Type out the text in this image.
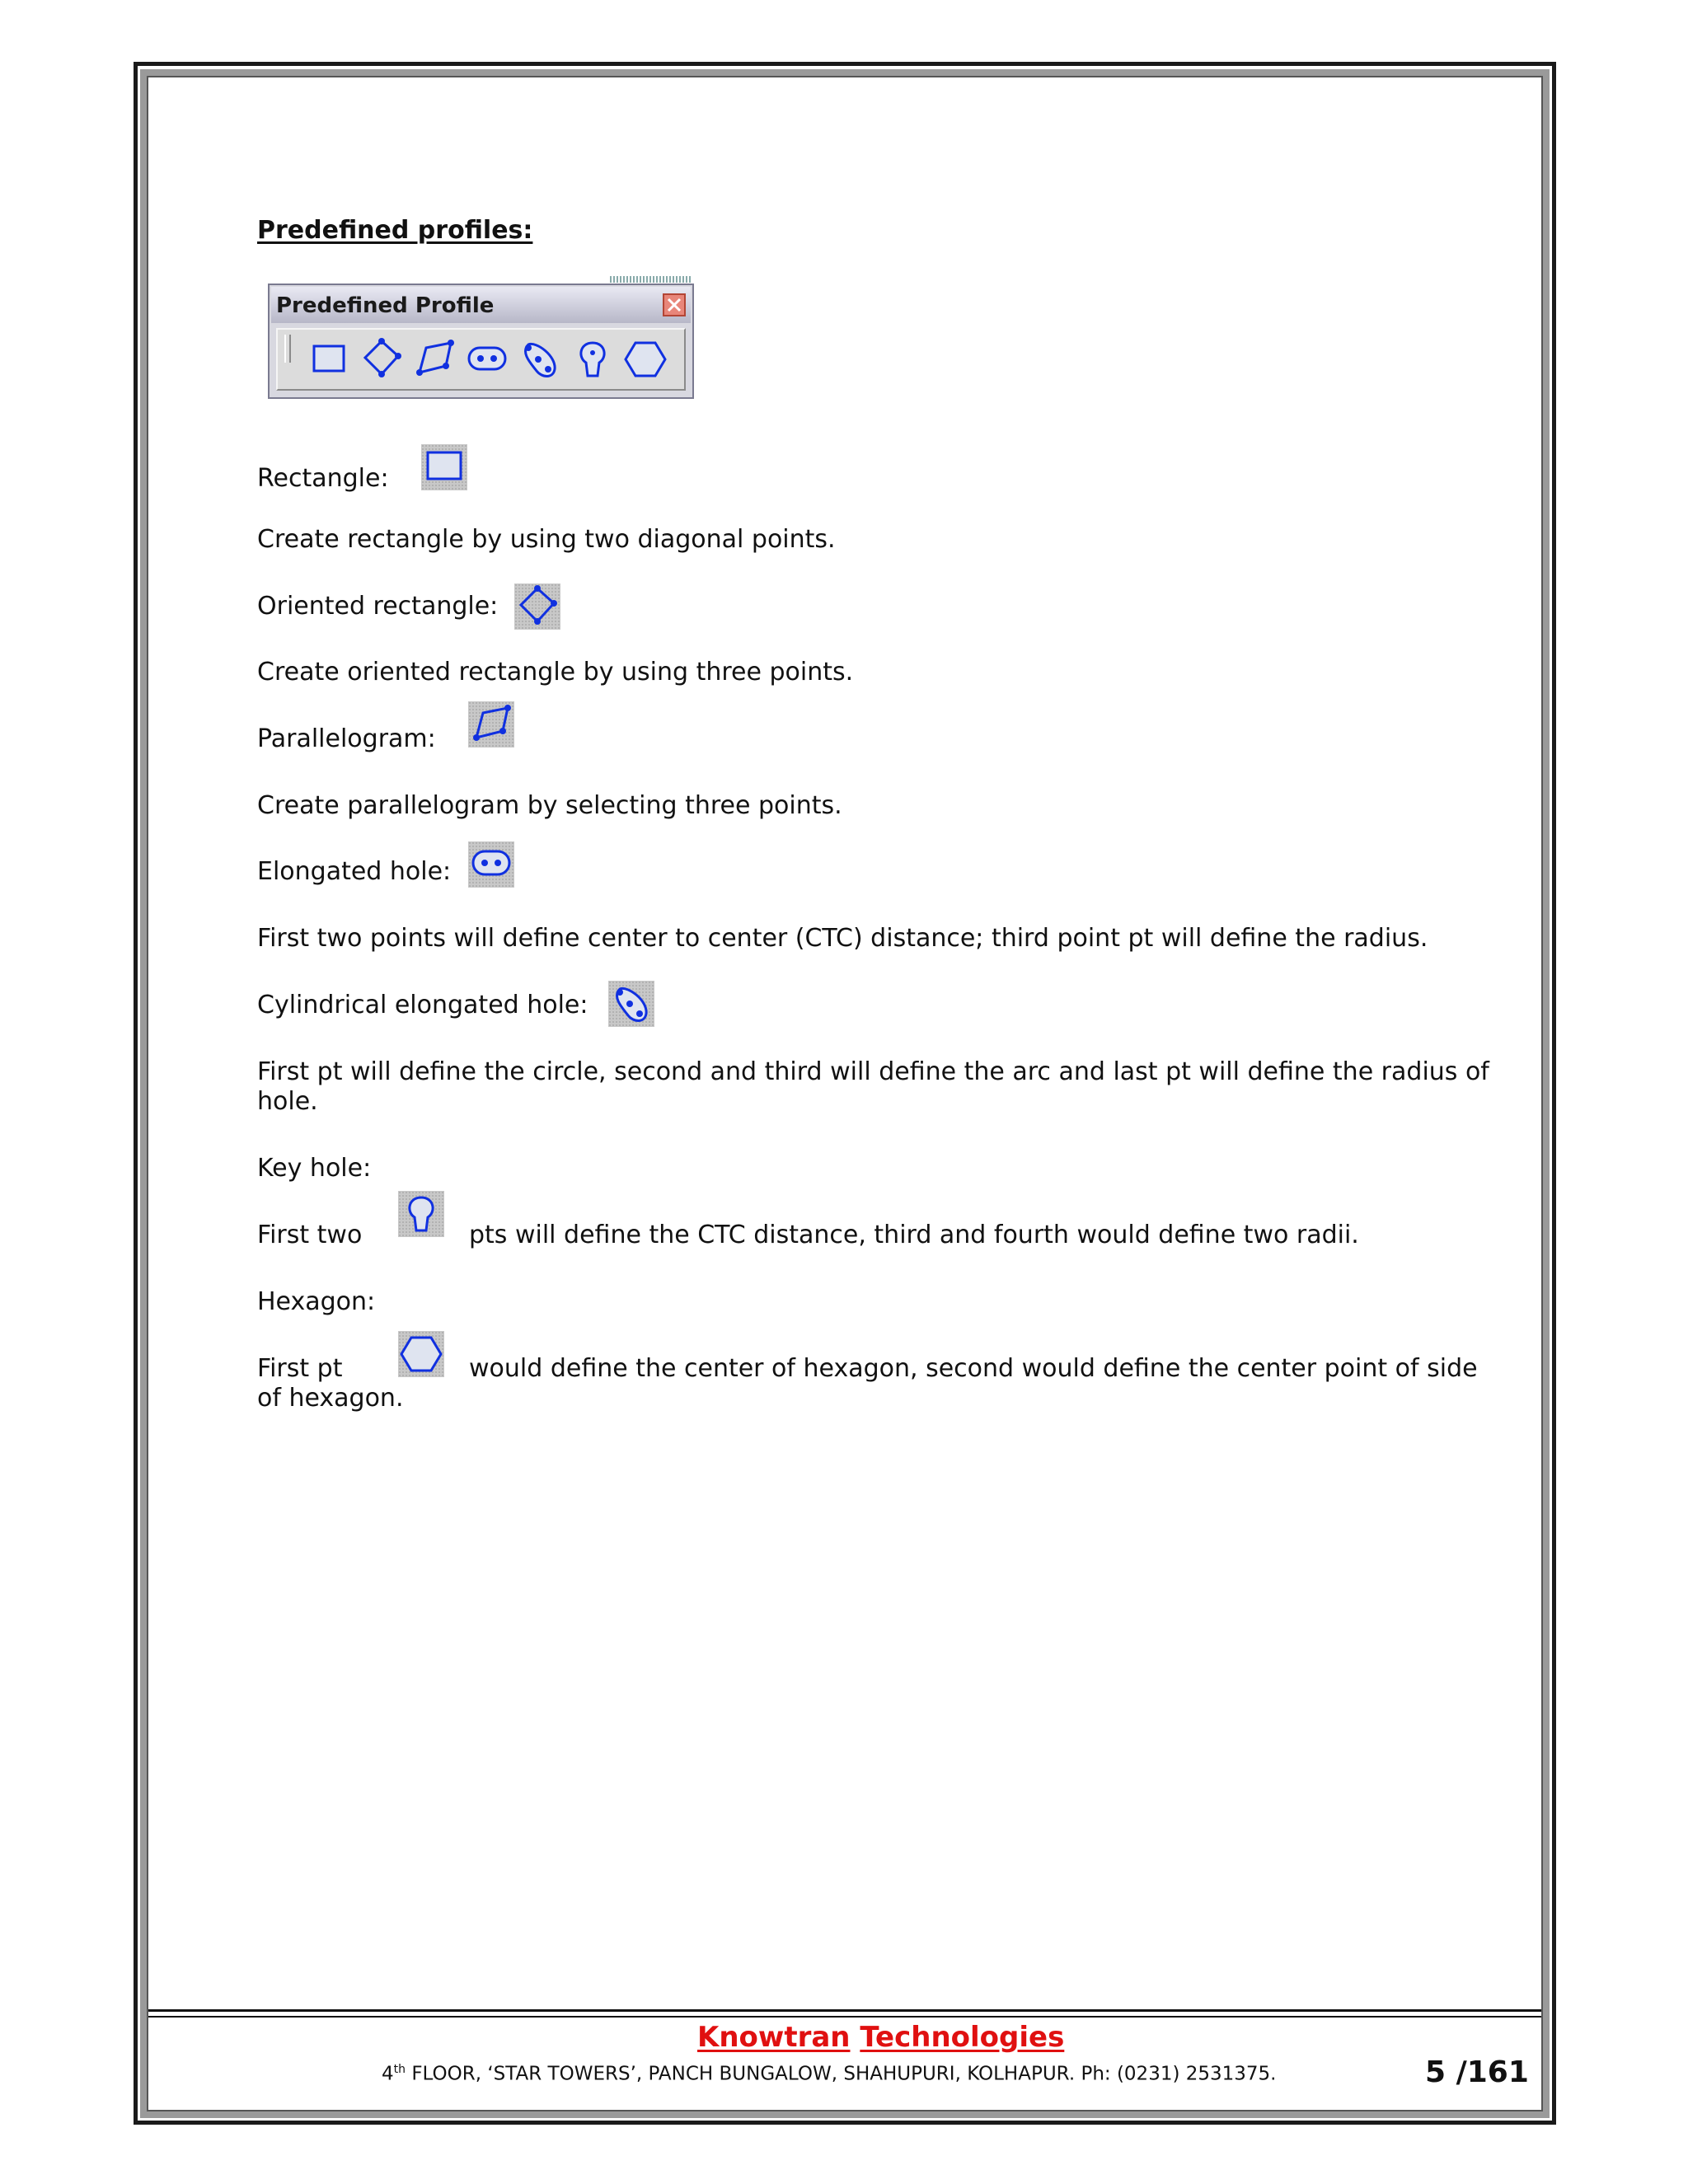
Predefined profiles:
Predefined Profile
Rectangle:
Create rectangle by using two diagonal points.
Oriented rectangle:
Create oriented rectangle by using three points.
Parallelogram:
Create parallelogram by selecting three points.
Elongated hole:
First two points will define center to center (CTC) distance; third point pt will define the radius.
Cylindrical elongated hole:
First pt will define the circle, second and third will define the arc and last pt will define the radius of hole.
Key hole:
First two	pts will define the CTC distance, third and fourth would define two radii.
Hexagon:
First pt	would define the center of hexagon, second would define the center point of side
of hexagon.
Knowtran Technologies
4th FLOOR, ‘STAR TOWERS’, PANCH BUNGALOW, SHAHUPURI, KOLHAPUR. Ph: (0231) 2531375.	5 /161
